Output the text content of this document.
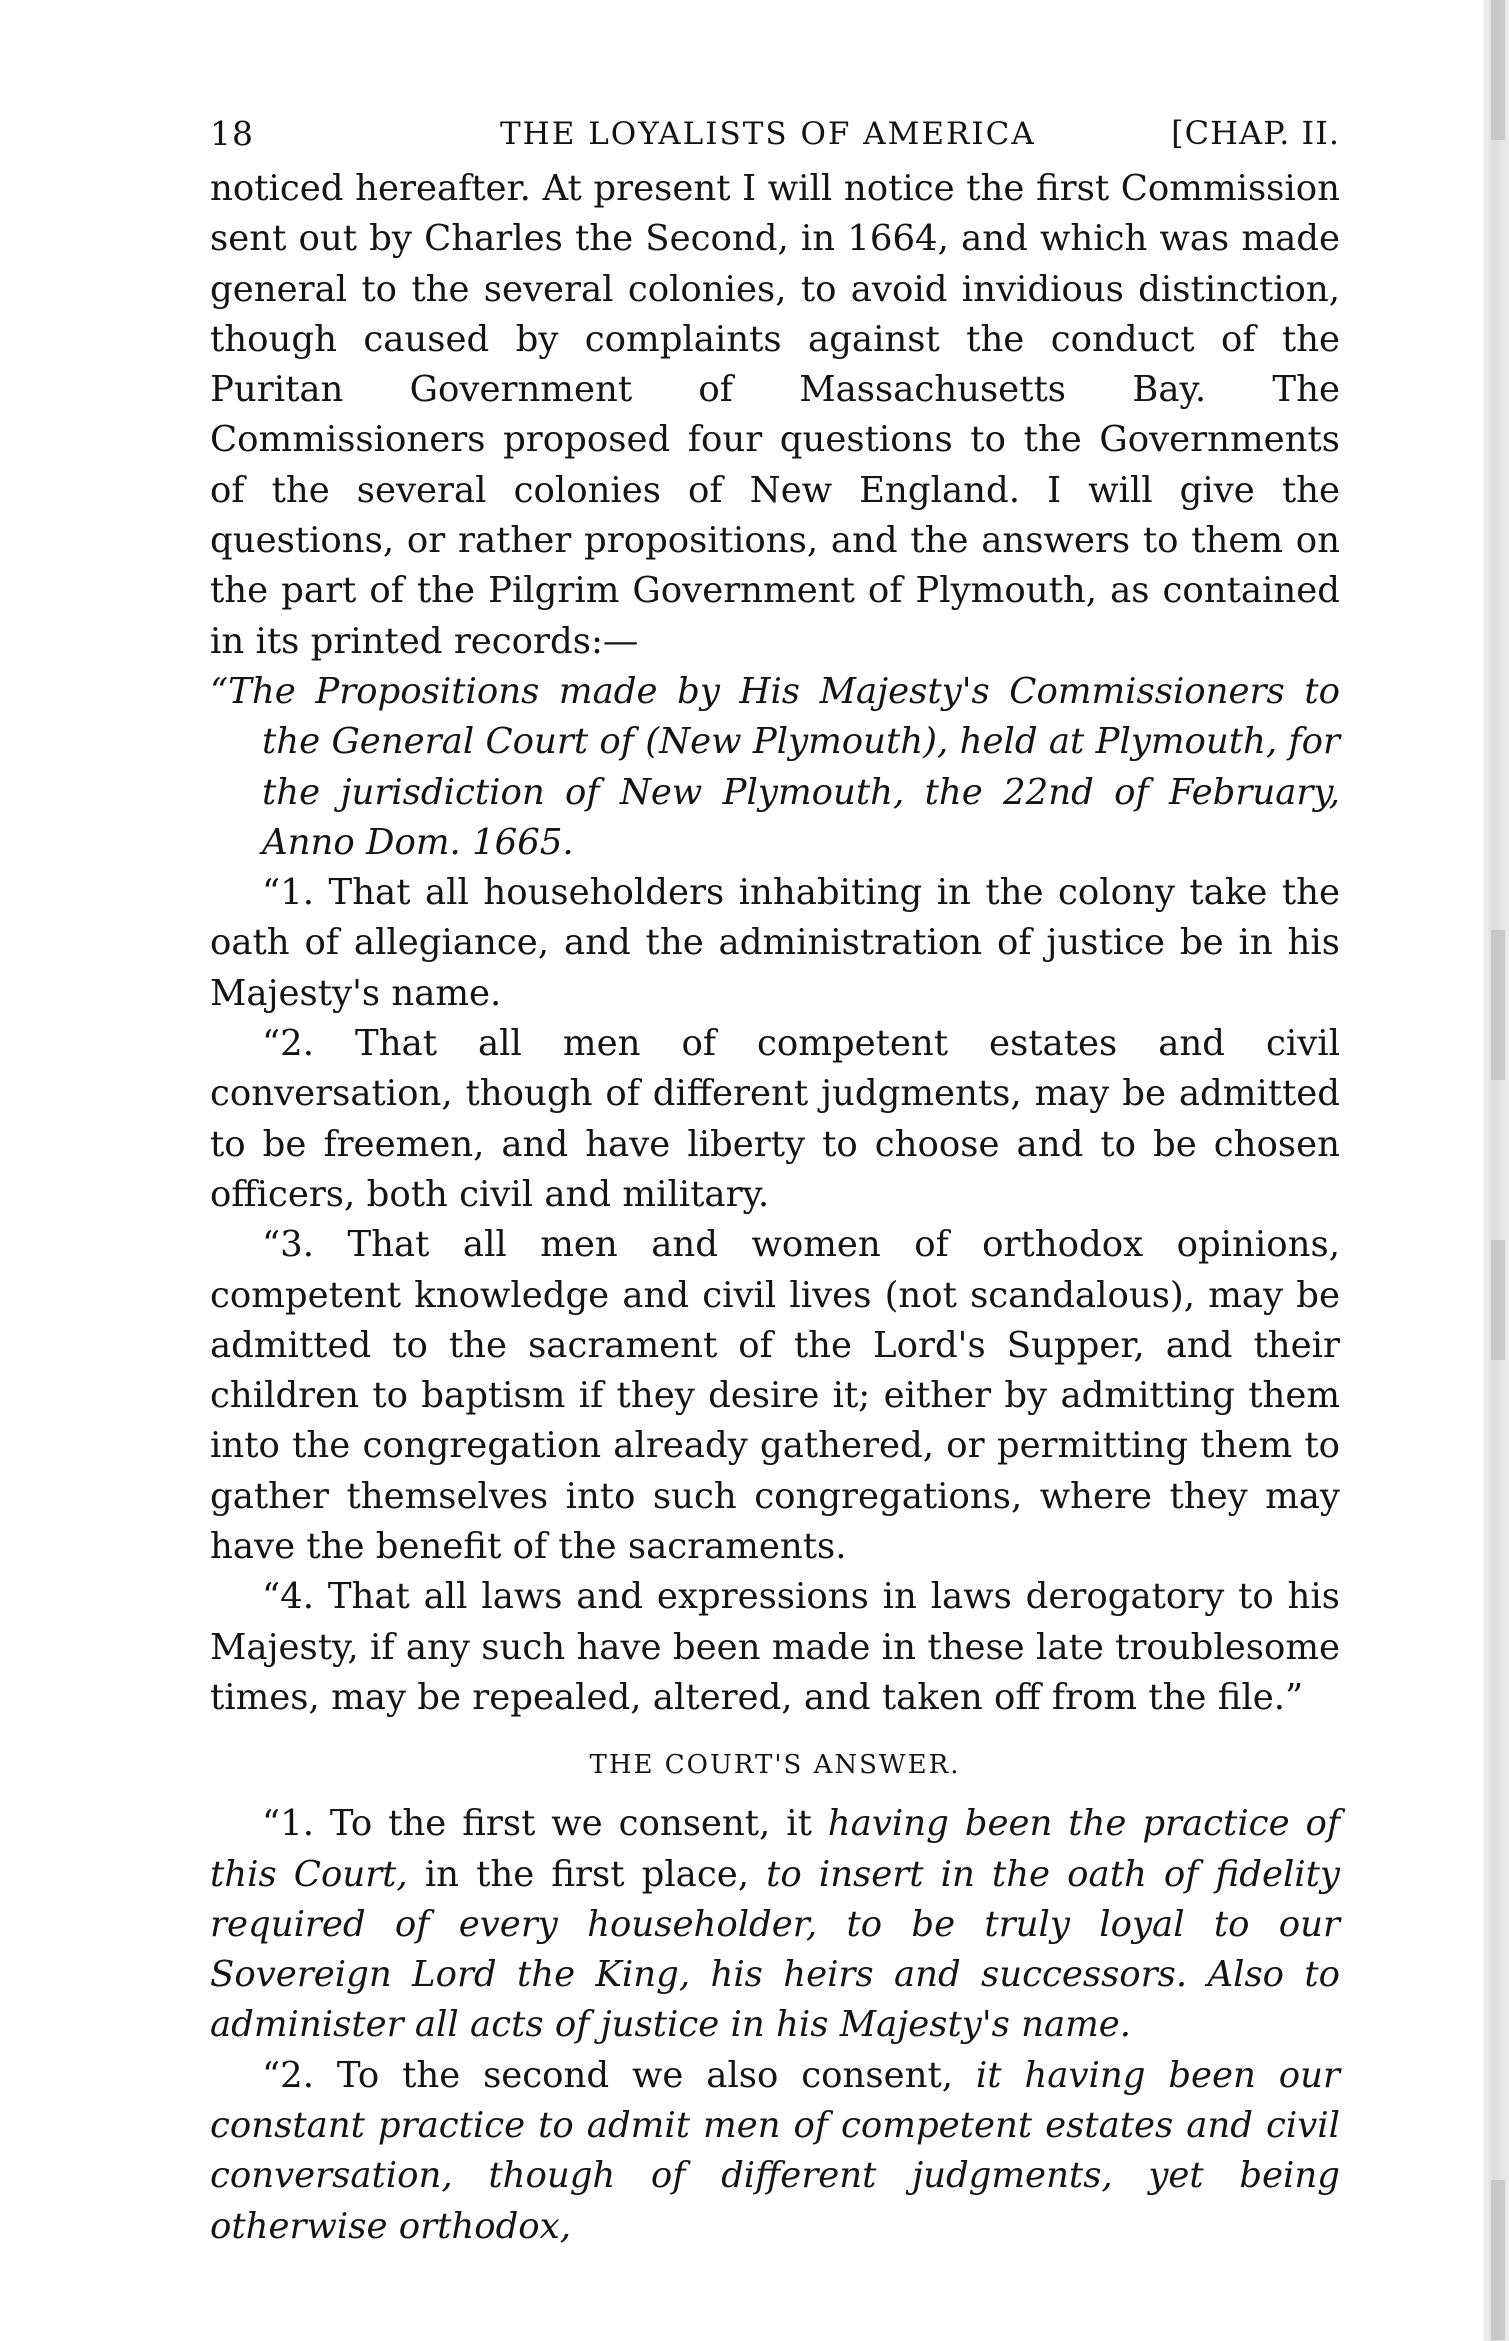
18	THE LOYALISTS OF AMERICA	[CHAP. II.

noticed hereafter. At present I will notice the first Commission sent out by Charles the Second, in 1664, and which was made general to the several colonies, to avoid invidious distinction, though caused by complaints against the conduct of the Puritan Government of Massachusetts Bay. The Commissioners proposed four questions to the Governments of the several colonies of New England. I will give the questions, or rather propositions, and the answers to them on the part of the Pilgrim Government of Plymouth, as contained in its printed records:—

“The Propositions made by His Majesty's Commissioners to the General Court of (New Plymouth), held at Plymouth, for the jurisdiction of New Plymouth, the 22nd of February, Anno Dom. 1665.

“1. That all householders inhabiting in the colony take the oath of allegiance, and the administration of justice be in his Majesty's name.

“2. That all men of competent estates and civil conversation, though of different judgments, may be admitted to be freemen, and have liberty to choose and to be chosen officers, both civil and military.

“3. That all men and women of orthodox opinions, competent knowledge and civil lives (not scandalous), may be admitted to the sacrament of the Lord's Supper, and their children to baptism if they desire it; either by admitting them into the congregation already gathered, or permitting them to gather themselves into such congregations, where they may have the benefit of the sacraments.

“4. That all laws and expressions in laws derogatory to his Majesty, if any such have been made in these late troublesome times, may be repealed, altered, and taken off from the file.”

THE COURT'S ANSWER.

“1. To the first we consent, it having been the practice of this Court, in the first place, to insert in the oath of fidelity required of every householder, to be truly loyal to our Sovereign Lord the King, his heirs and successors. Also to administer all acts of justice in his Majesty's name.

“2. To the second we also consent, it having been our constant practice to admit men of competent estates and civil conversation, though of different judgments, yet being otherwise orthodox,
